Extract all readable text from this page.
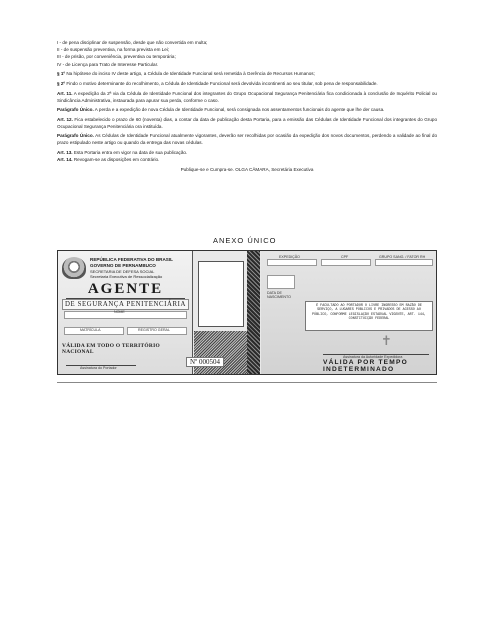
I - de pena disciplinar de suspensão, desde que não convertida em multa;

II - de suspensão preventiva, na forma prevista em Lei;

III - de prisão, por conveniência, preventiva ou temporária;

IV - de Licença para Trato de Interesse Particular.

§ 1º Na hipótese do inciso IV deste artigo, a Cédula de Identidade Funcional será remetida à Gerência de Recursos Humanos;

§ 2º Findo o motivo determinante do recolhimento, a Cédula de Identidade Funcional será devolvida incontinenti ao seu titular, sob pena de responsabilidade.

Art. 11. A expedição da 2ª via da Cédula de Identidade Funcional dos integrantes do Grupo Ocupacional Segurança Penitenciária fica condicionada à conclusão de Inquérito Policial ou Sindicância Administrativa, instaurada para apurar sua perda, conforme o caso.

Parágrafo Único. A perda e a expedição de nova Cédula de Identidade Funcional, será consignada nos assentamentos funcionais do agente que lhe der causa.

Art. 12. Fica estabelecido o prazo de 60 (noventa) dias, a contar da data de publicação desta Portaria, para a emissão das Cédulas de Identidade Funcional dos integrantes do Grupo Ocupacional Segurança Penitenciária ora instituída.

Parágrafo Único. As Cédulas de Identidade Funcional atualmente vigorantes, deverão ser recolhidas por ocasião da expedição dos novos documentos, perdendo a validade ao final do prazo estipulado neste artigo ou quando da entrega das novas cédulas.

Art. 13. Esta Portaria entra em vigor na data de sua publicação.

Art. 14. Revogam-se as disposições em contrário.

Publique-se e Cumpra-se. OLGA CÂMARA, Secretária Executiva

ANEXO ÚNICO
REPÚBLICA FEDERATIVA DO BRASIL
GOVERNO DE PERNAMBUCO
SECRETARIA DE DEFESA SOCIAL
Secretaria Executiva de Ressocialização
AGENTE
DE SEGURANÇA PENITENCIÁRIA
NOME
MATRÍCULA	REGISTRO GERAL
VÁLIDA EM TODO O TERRITÓRIO NACIONAL
Assinatura do Portador
Nº 000504
EXPEDIÇÃO	CPF	GRUPO SANG. / FATOR RH
DATA DE NASCIMENTO
É FACULTADO AO PORTADOR O LIVRE INGRESSO EM RAZÃO DE SERVIÇO, A LUGARES PÚBLICOS E PRIVADOS DE ACESSO AO PÚBLICO, CONFORME LEGISLAÇÃO ESTADUAL VIGENTE, ART. 144, CONSTITUIÇÃO FEDERAL
✝
Assinatura da Autoridade Expedidora
VÁLIDA POR TEMPO INDETERMINADO
